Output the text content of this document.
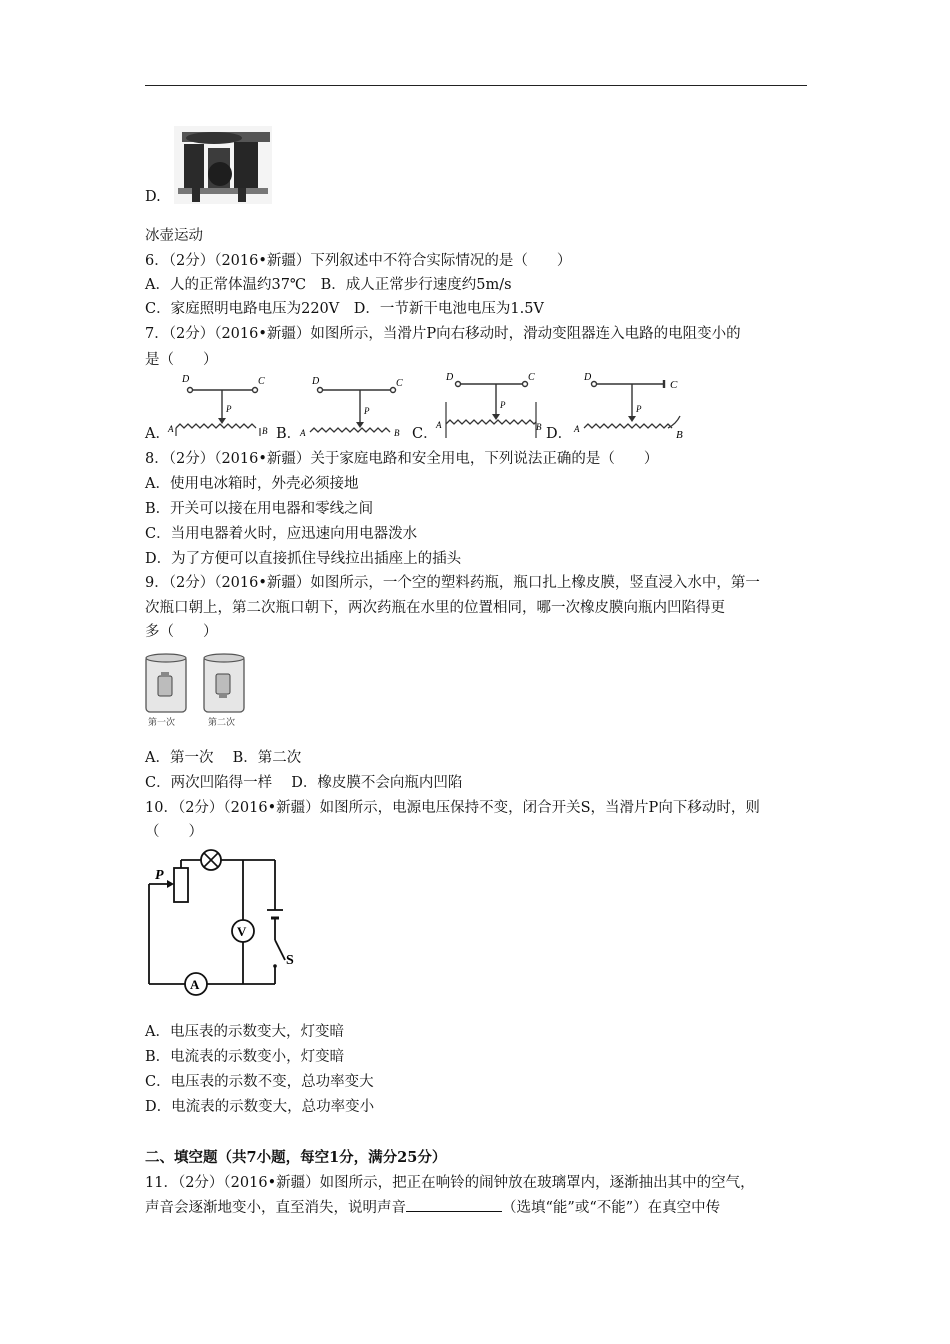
D.
冰壶运动
6．（2分）（2016•新疆）下列叙述中不符合实际情况的是（　　）
A．人的正常体温约37℃　B．成人正常步行速度约5m/s
C．家庭照明电路电压为220V　D．一节新干电池电压为1.5V
7．（2分）（2016•新疆）如图所示，当滑片P向右移动时，滑动变阻器连入电路的电阻变小的
是（　　）
A．
D	C
P
A	B B．
D	C
P
A	B C．
D	C
P
A	B D．
D
C
P
A	B
8．（2分）（2016•新疆）关于家庭电路和安全用电，下列说法正确的是（　　）
A．使用电冰箱时，外壳必须接地
B．开关可以接在用电器和零线之间
C．当用电器着火时，应迅速向用电器泼水
D．为了方便可以直接抓住导线拉出插座上的插头
9．（2分）（2016•新疆）如图所示，一个空的塑料药瓶，瓶口扎上橡皮膜，竖直浸入水中，第一
次瓶口朝上，第二次瓶口朝下，两次药瓶在水里的位置相同，哪一次橡皮膜向瓶内凹陷得更
多（　　）
第一次	第二次
A．第一次　 B．第二次
C．两次凹陷得一样　 D．橡皮膜不会向瓶内凹陷
10．（2分）（2016•新疆）如图所示，电源电压保持不变，闭合开关S，当滑片P向下移动时，则
（　　）
P
A
V
S
A．电压表的示数变大，灯变暗
B．电流表的示数变小，灯变暗
C．电压表的示数不变，总功率变大
D．电流表的示数变大，总功率变小
二、填空题（共7小题，每空1分，满分25分）
11．（2分）（2016•新疆）如图所示，把正在响铃的闹钟放在玻璃罩内，逐渐抽出其中的空气，
声音会逐渐地变小，直至消失，说明声音	（选填“能”或“不能”）在真空中传
